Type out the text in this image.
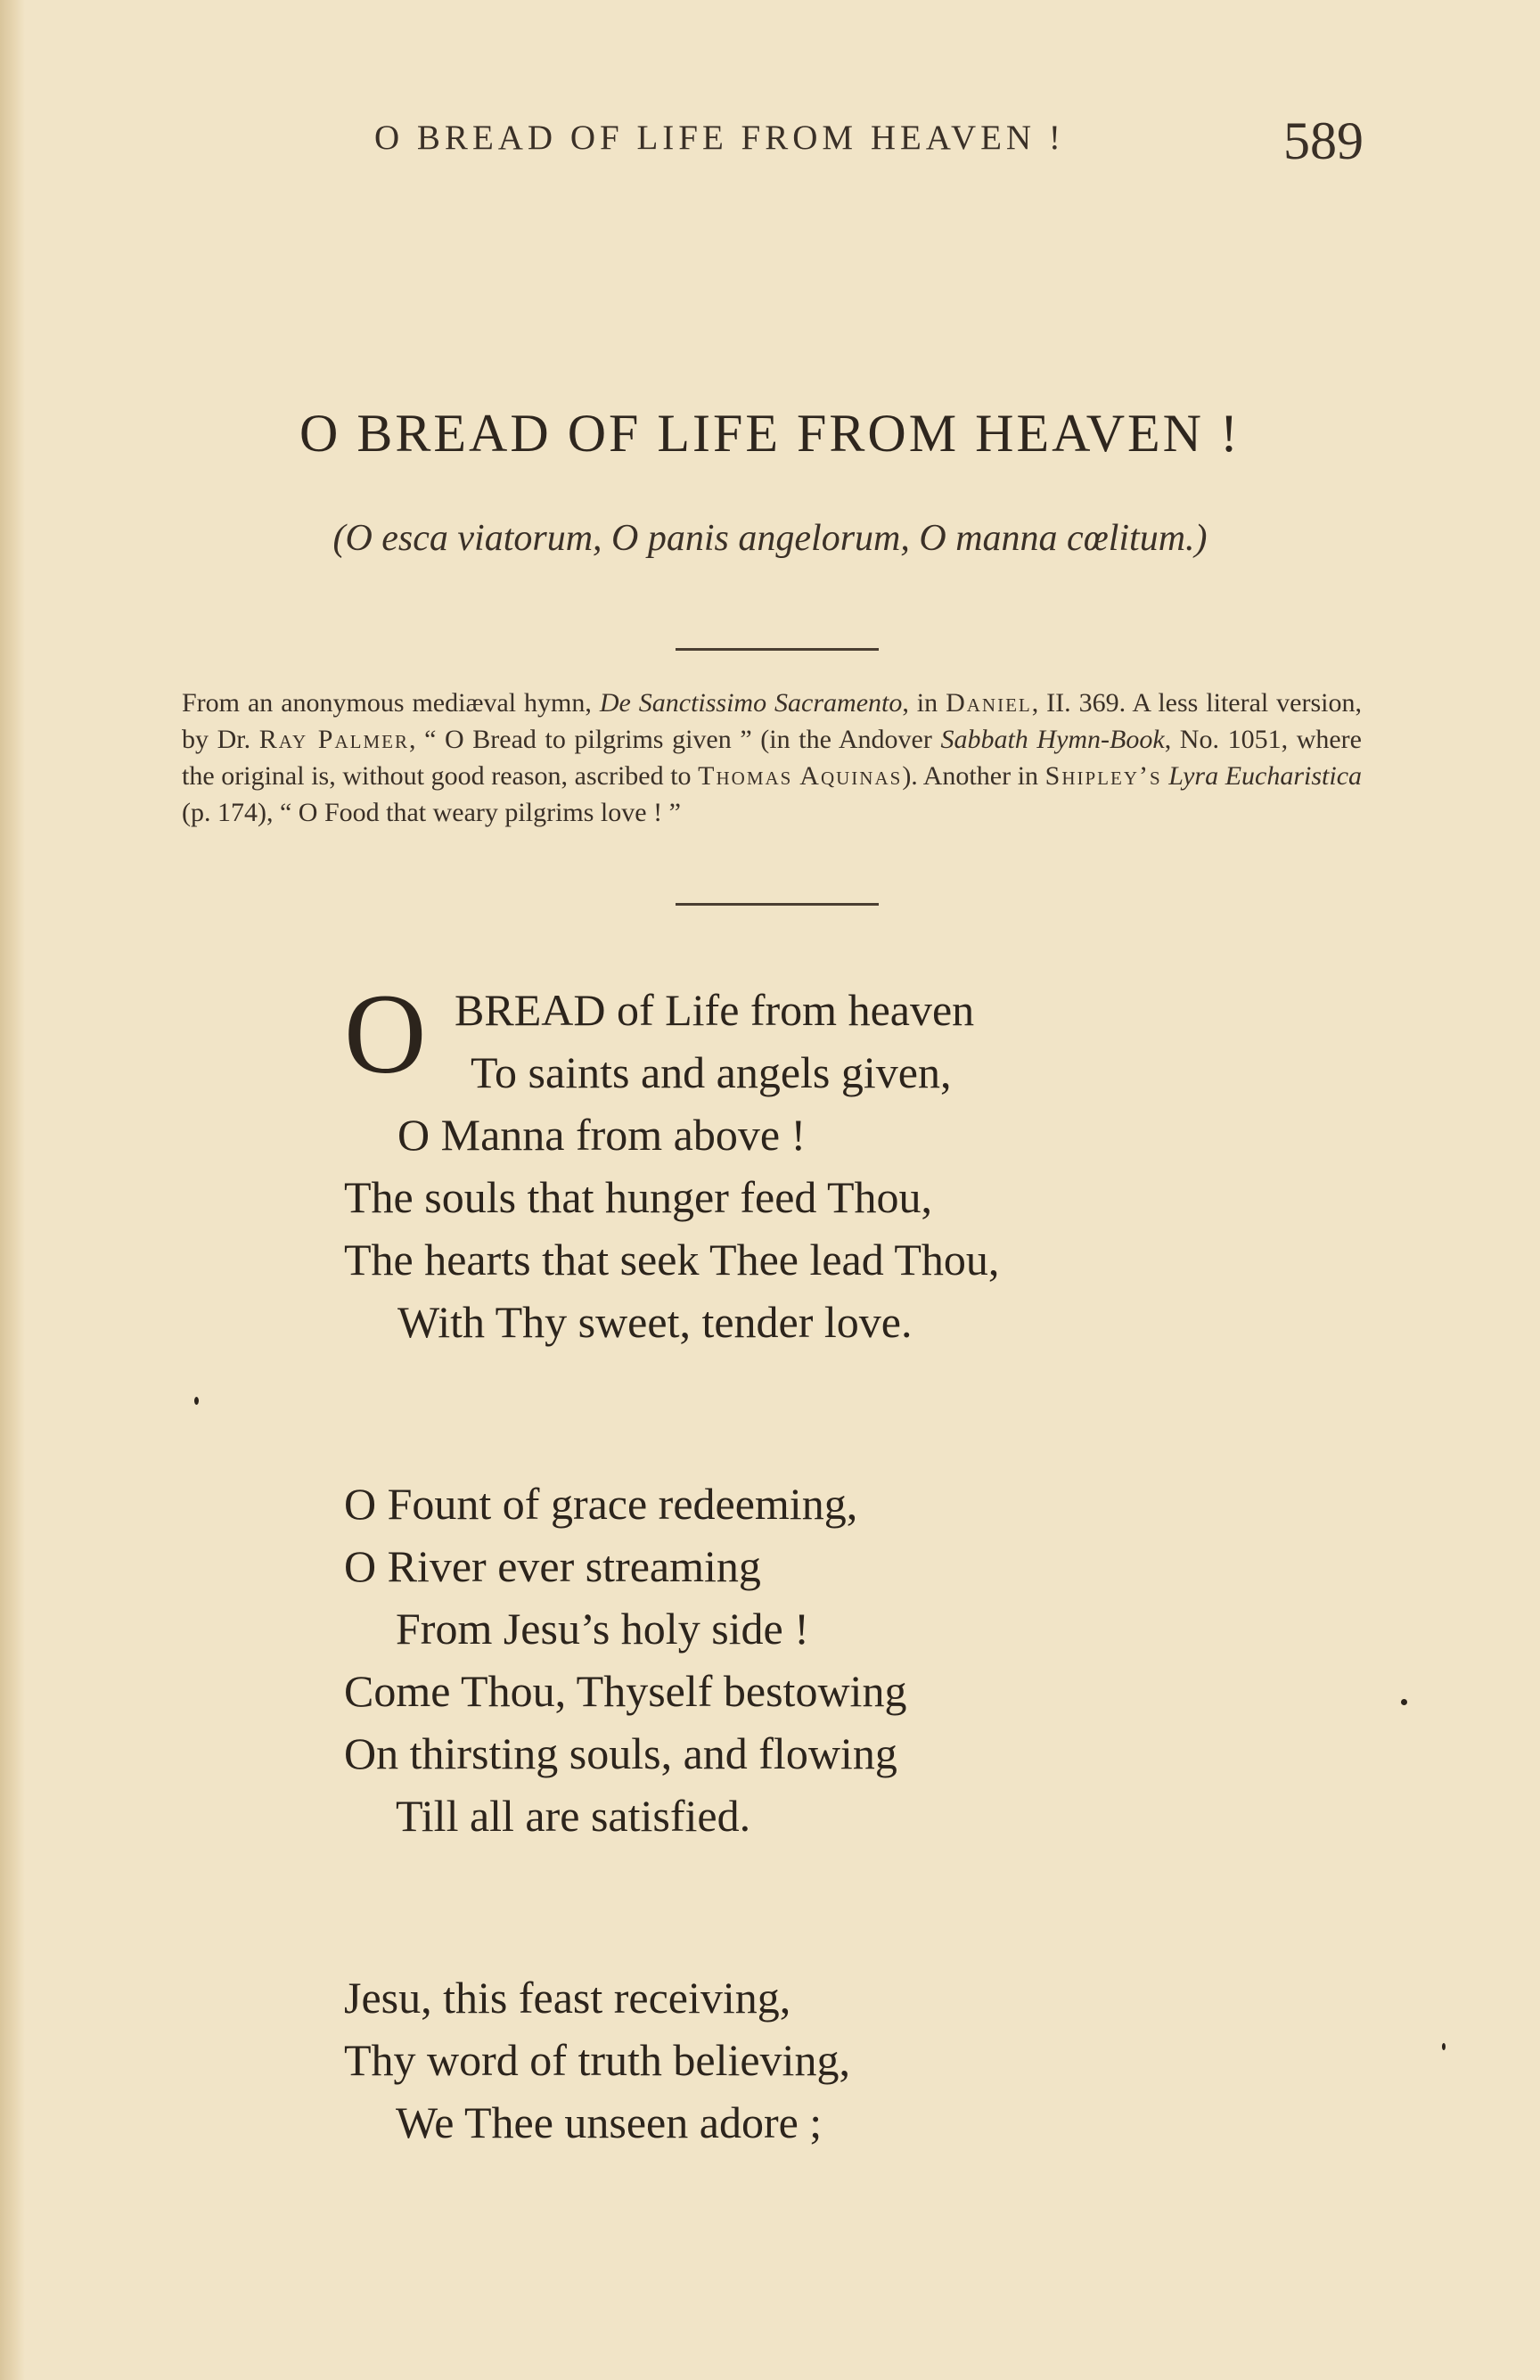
O BREAD OF LIFE FROM HEAVEN !	589
O BREAD OF LIFE FROM HEAVEN !
(O esca viatorum, O panis angelorum, O manna cœlitum.)
From an anonymous mediæval hymn, De Sanctissimo Sacramento, in Daniel, II. 369. A less literal version, by Dr. Ray Palmer, “ O Bread to pilgrims given ” (in the Andover Sabbath Hymn-Book, No. 1051, where the original is, without good reason, ascribed to Thomas Aquinas). Another in Shipley’s Lyra Eucharistica (p. 174), “ O Food that weary pilgrims love ! ”
O BREAD of Life from heaven
To saints and angels given,
O Manna from above !
The souls that hunger feed Thou,
The hearts that seek Thee lead Thou,
With Thy sweet, tender love.
O Fount of grace redeeming,
O River ever streaming
From Jesu’s holy side !
Come Thou, Thyself bestowing
On thirsting souls, and flowing
Till all are satisfied.
Jesu, this feast receiving,
Thy word of truth believing,
We Thee unseen adore ;
